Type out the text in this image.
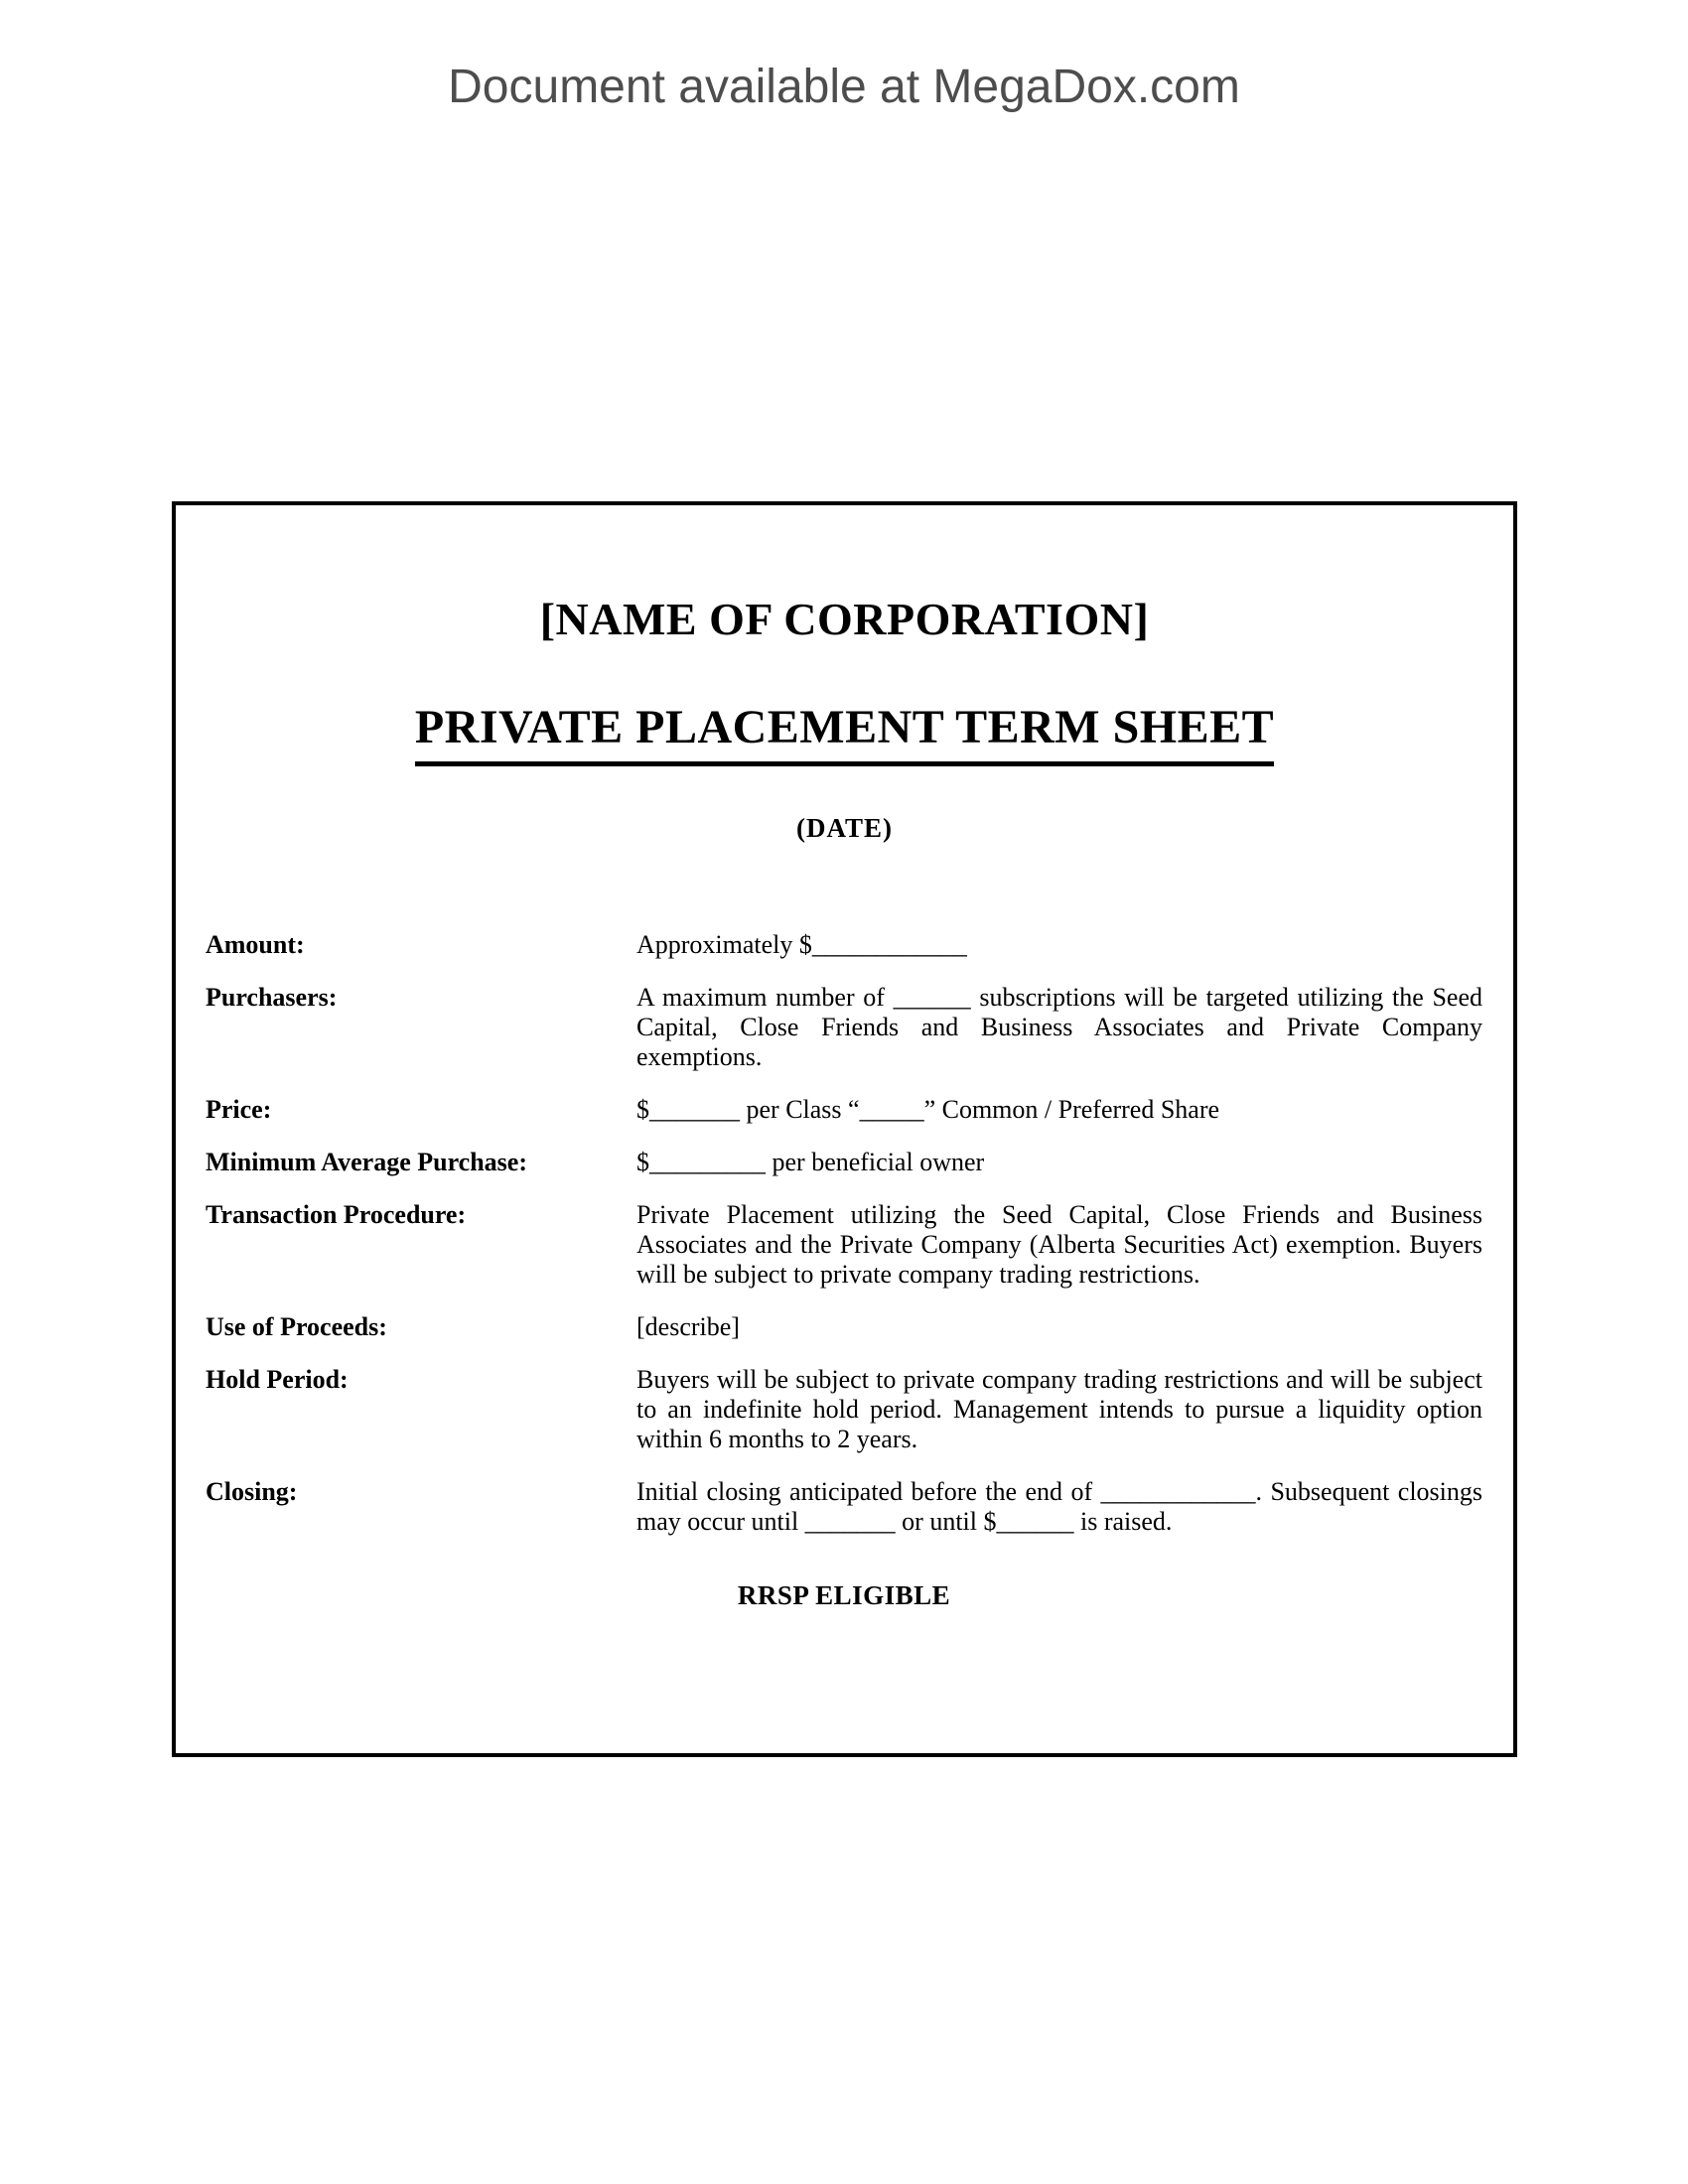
Document available at MegaDox.com
[NAME OF CORPORATION]
PRIVATE PLACEMENT TERM SHEET
(DATE)
Amount:	Approximately $____________
Purchasers:	A maximum number of ______ subscriptions will be targeted utilizing the Seed Capital, Close Friends and Business Associates and Private Company exemptions.
Price:	$_______ per Class “_____” Common / Preferred Share
Minimum Average Purchase:	$_________ per beneficial owner
Transaction Procedure:	Private Placement utilizing the Seed Capital, Close Friends and Business Associates and the Private Company (Alberta Securities Act) exemption. Buyers will be subject to private company trading restrictions.
Use of Proceeds:	[describe]
Hold Period:	Buyers will be subject to private company trading restrictions and will be subject to an indefinite hold period. Management intends to pursue a liquidity option within 6 months to 2 years.
Closing:	Initial closing anticipated before the end of ____________. Subsequent closings may occur until _______ or until $______ is raised.
RRSP ELIGIBLE
